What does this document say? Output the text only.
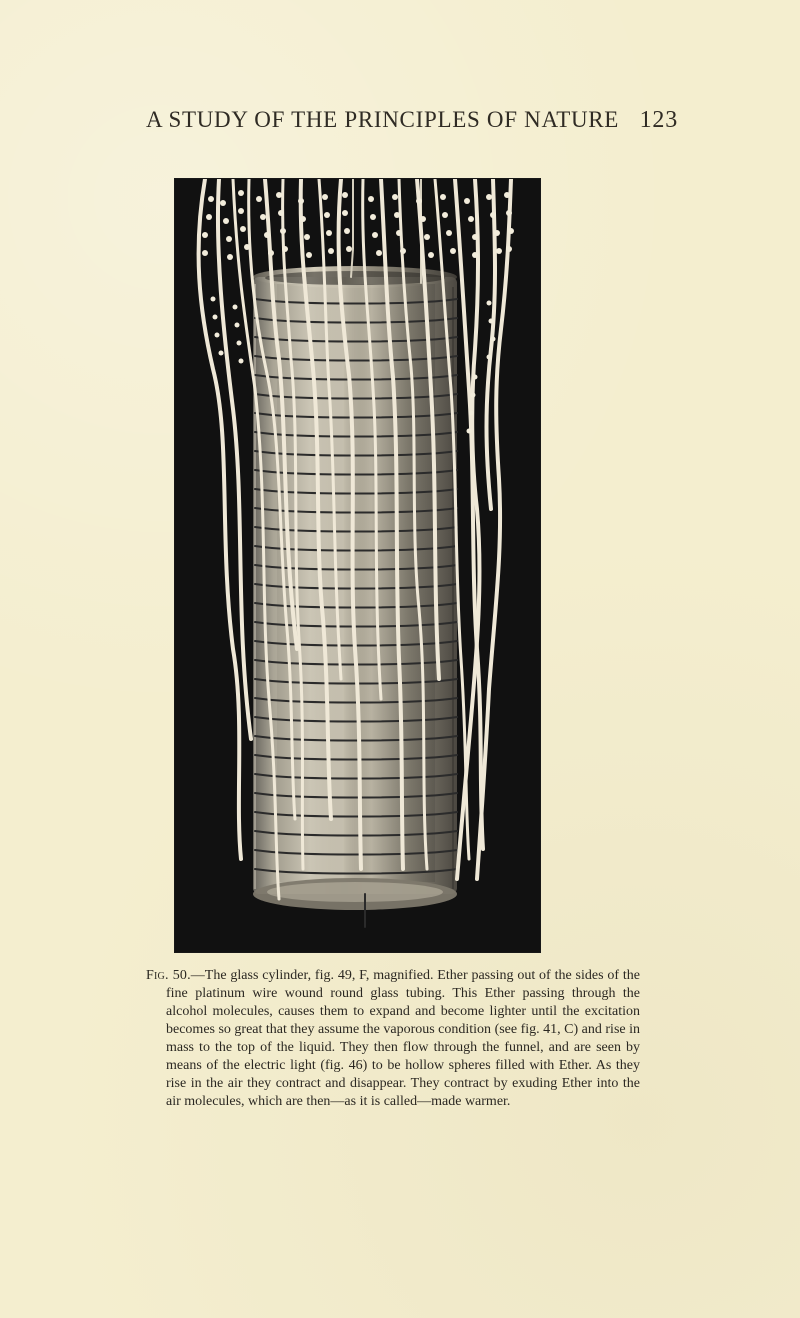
A STUDY OF THE PRINCIPLES OF NATURE 123

Fig. 50.—The glass cylinder, fig. 49, F, magnified. Ether passing out of the sides of the fine platinum wire wound round glass tubing. This Ether passing through the alcohol molecules, causes them to expand and become lighter until the excitation becomes so great that they assume the vaporous condition (see fig. 41, C) and rise in mass to the top of the liquid. They then flow through the funnel, and are seen by means of the electric light (fig. 46) to be hollow spheres filled with Ether. As they rise in the air they contract and disappear. They contract by exuding Ether into the air molecules, which are then—as it is called—made warmer.
